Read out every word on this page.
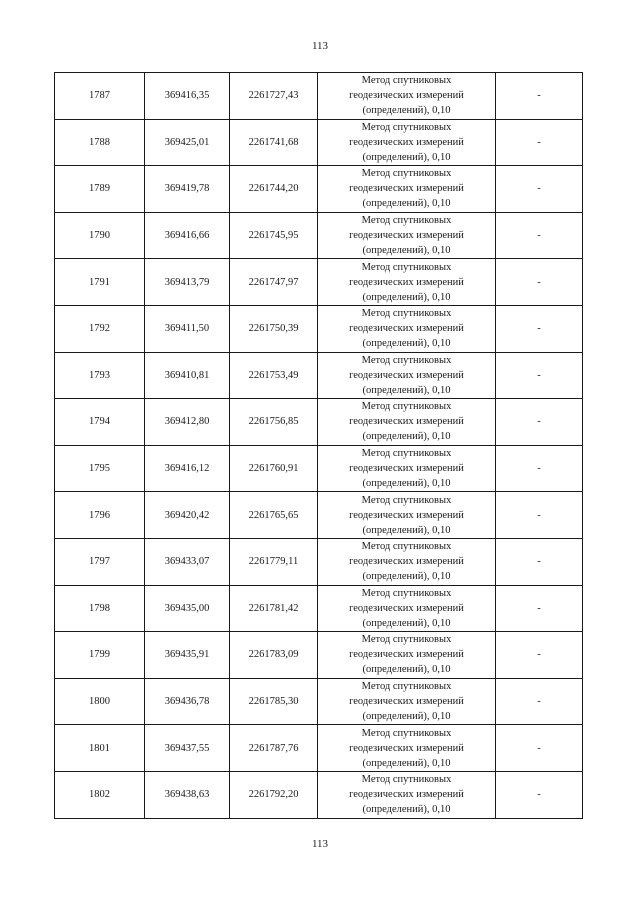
113
1787	369416,35	2261727,43	Метод спутниковых
геодезических измерений
(определений), 0,10	-
1788	369425,01	2261741,68	Метод спутниковых
геодезических измерений
(определений), 0,10	-
1789	369419,78	2261744,20	Метод спутниковых
геодезических измерений
(определений), 0,10	-
1790	369416,66	2261745,95	Метод спутниковых
геодезических измерений
(определений), 0,10	-
1791	369413,79	2261747,97	Метод спутниковых
геодезических измерений
(определений), 0,10	-
1792	369411,50	2261750,39	Метод спутниковых
геодезических измерений
(определений), 0,10	-
1793	369410,81	2261753,49	Метод спутниковых
геодезических измерений
(определений), 0,10	-
1794	369412,80	2261756,85	Метод спутниковых
геодезических измерений
(определений), 0,10	-
1795	369416,12	2261760,91	Метод спутниковых
геодезических измерений
(определений), 0,10	-
1796	369420,42	2261765,65	Метод спутниковых
геодезических измерений
(определений), 0,10	-
1797	369433,07	2261779,11	Метод спутниковых
геодезических измерений
(определений), 0,10	-
1798	369435,00	2261781,42	Метод спутниковых
геодезических измерений
(определений), 0,10	-
1799	369435,91	2261783,09	Метод спутниковых
геодезических измерений
(определений), 0,10	-
1800	369436,78	2261785,30	Метод спутниковых
геодезических измерений
(определений), 0,10	-
1801	369437,55	2261787,76	Метод спутниковых
геодезических измерений
(определений), 0,10	-
1802	369438,63	2261792,20	Метод спутниковых
геодезических измерений
(определений), 0,10	-
113
